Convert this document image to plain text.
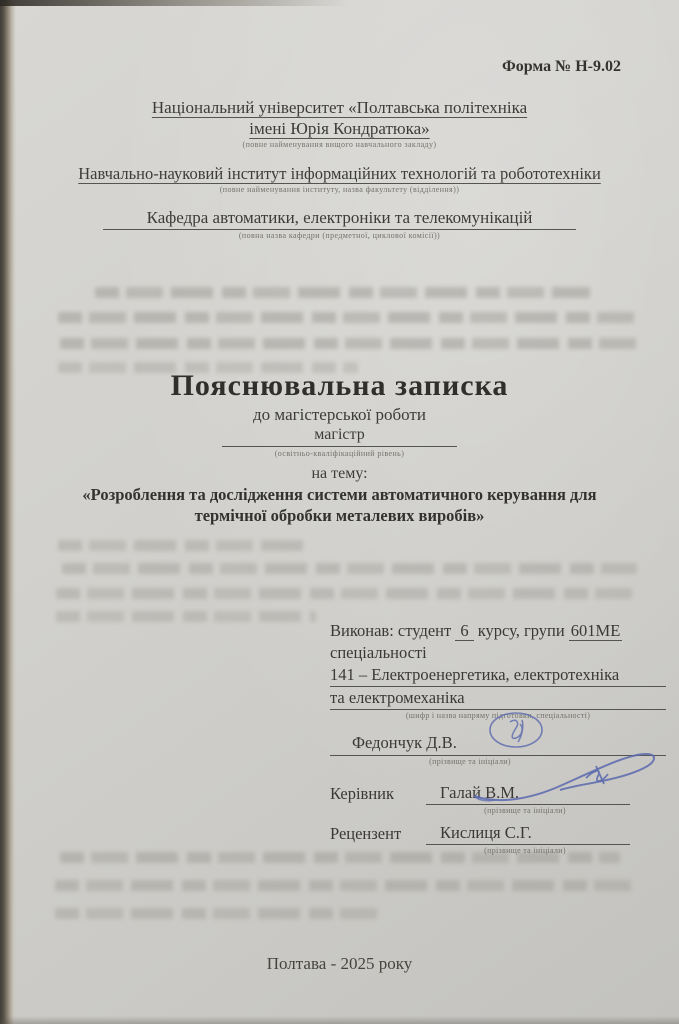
Форма № Н-9.02
Національний університет «Полтавська політехніка
імені Юрія Кондратюка»
(повне найменування вищого навчального закладу)
Навчально-науковий інститут інформаційних технологій та робототехніки
(повне найменування інституту, назва факультету (відділення))
Кафедра автоматики, електроніки та телекомунікацій
(повна назва кафедри (предметної, циклової комісії))
Пояснювальна записка
до магістерської роботи
магістр
(освітньо-кваліфікаційний рівень)
на тему:
«Розроблення та дослідження системи автоматичного керування для
термічної обробки металевих виробів»
Виконав: студент 6 курсу, групи 601МЕ
спеціальності
141 – Електроенергетика, електротехніка
та електромеханіка
(шифр і назва напряму підготовки, спеціальності)
Федончук Д.В.
(прізвище та ініціали)
Керівник	Галай В.М.
(прізвище та ініціали)
Рецензент	Кислиця С.Г.
(прізвище та ініціали)
Полтава - 2025 року
